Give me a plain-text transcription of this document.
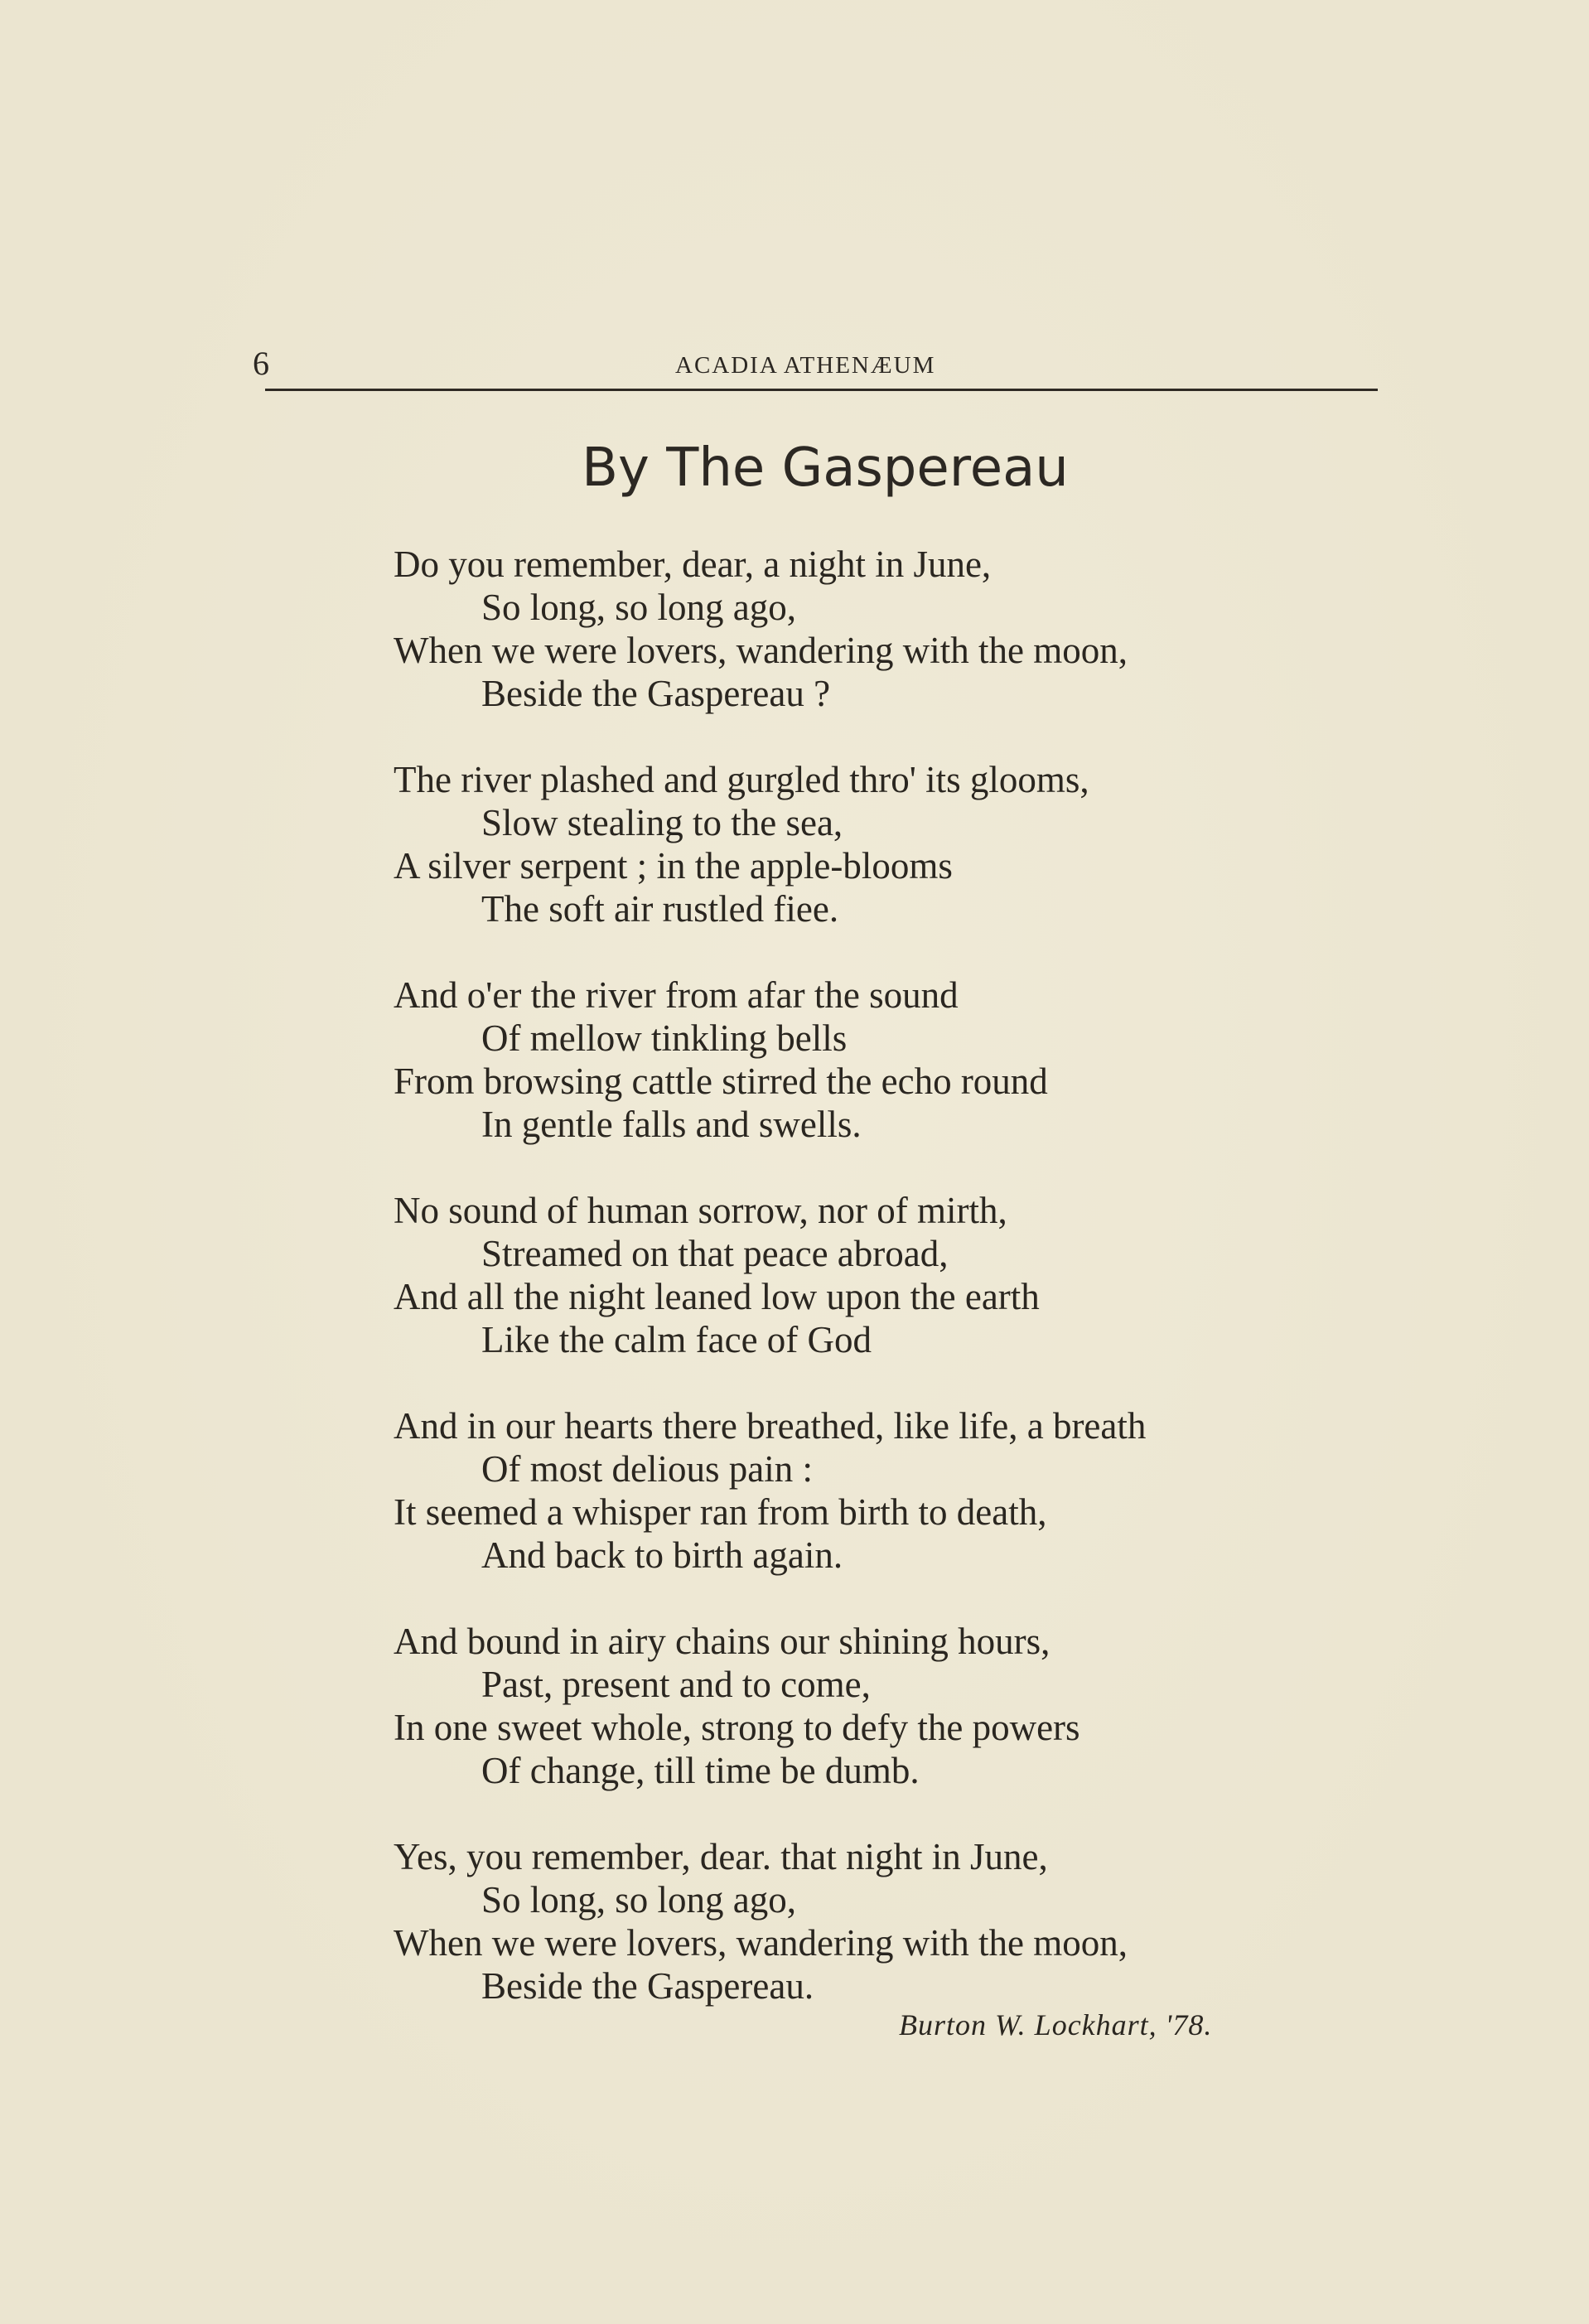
6	ACADIA ATHENÆUM
By The Gaspereau
Do you remember, dear, a night in June,
So long, so long ago,
When we were lovers, wandering with the moon,
Beside the Gaspereau ?
The river plashed and gurgled thro' its glooms,
Slow stealing to the sea,
A silver serpent ; in the apple-blooms
The soft air rustled fiee.
And o'er the river from afar the sound
Of mellow tinkling bells
From browsing cattle stirred the echo round
In gentle falls and swells.
No sound of human sorrow, nor of mirth,
Streamed on that peace abroad,
And all the night leaned low upon the earth
Like the calm face of God
And in our hearts there breathed, like life, a breath
Of most delious pain :
It seemed a whisper ran from birth to death,
And back to birth again.
And bound in airy chains our shining hours,
Past, present and to come,
In one sweet whole, strong to defy the powers
Of change, till time be dumb.
Yes, you remember, dear. that night in June,
So long, so long ago,
When we were lovers, wandering with the moon,
Beside the Gaspereau.
Burton W. Lockhart, '78.
